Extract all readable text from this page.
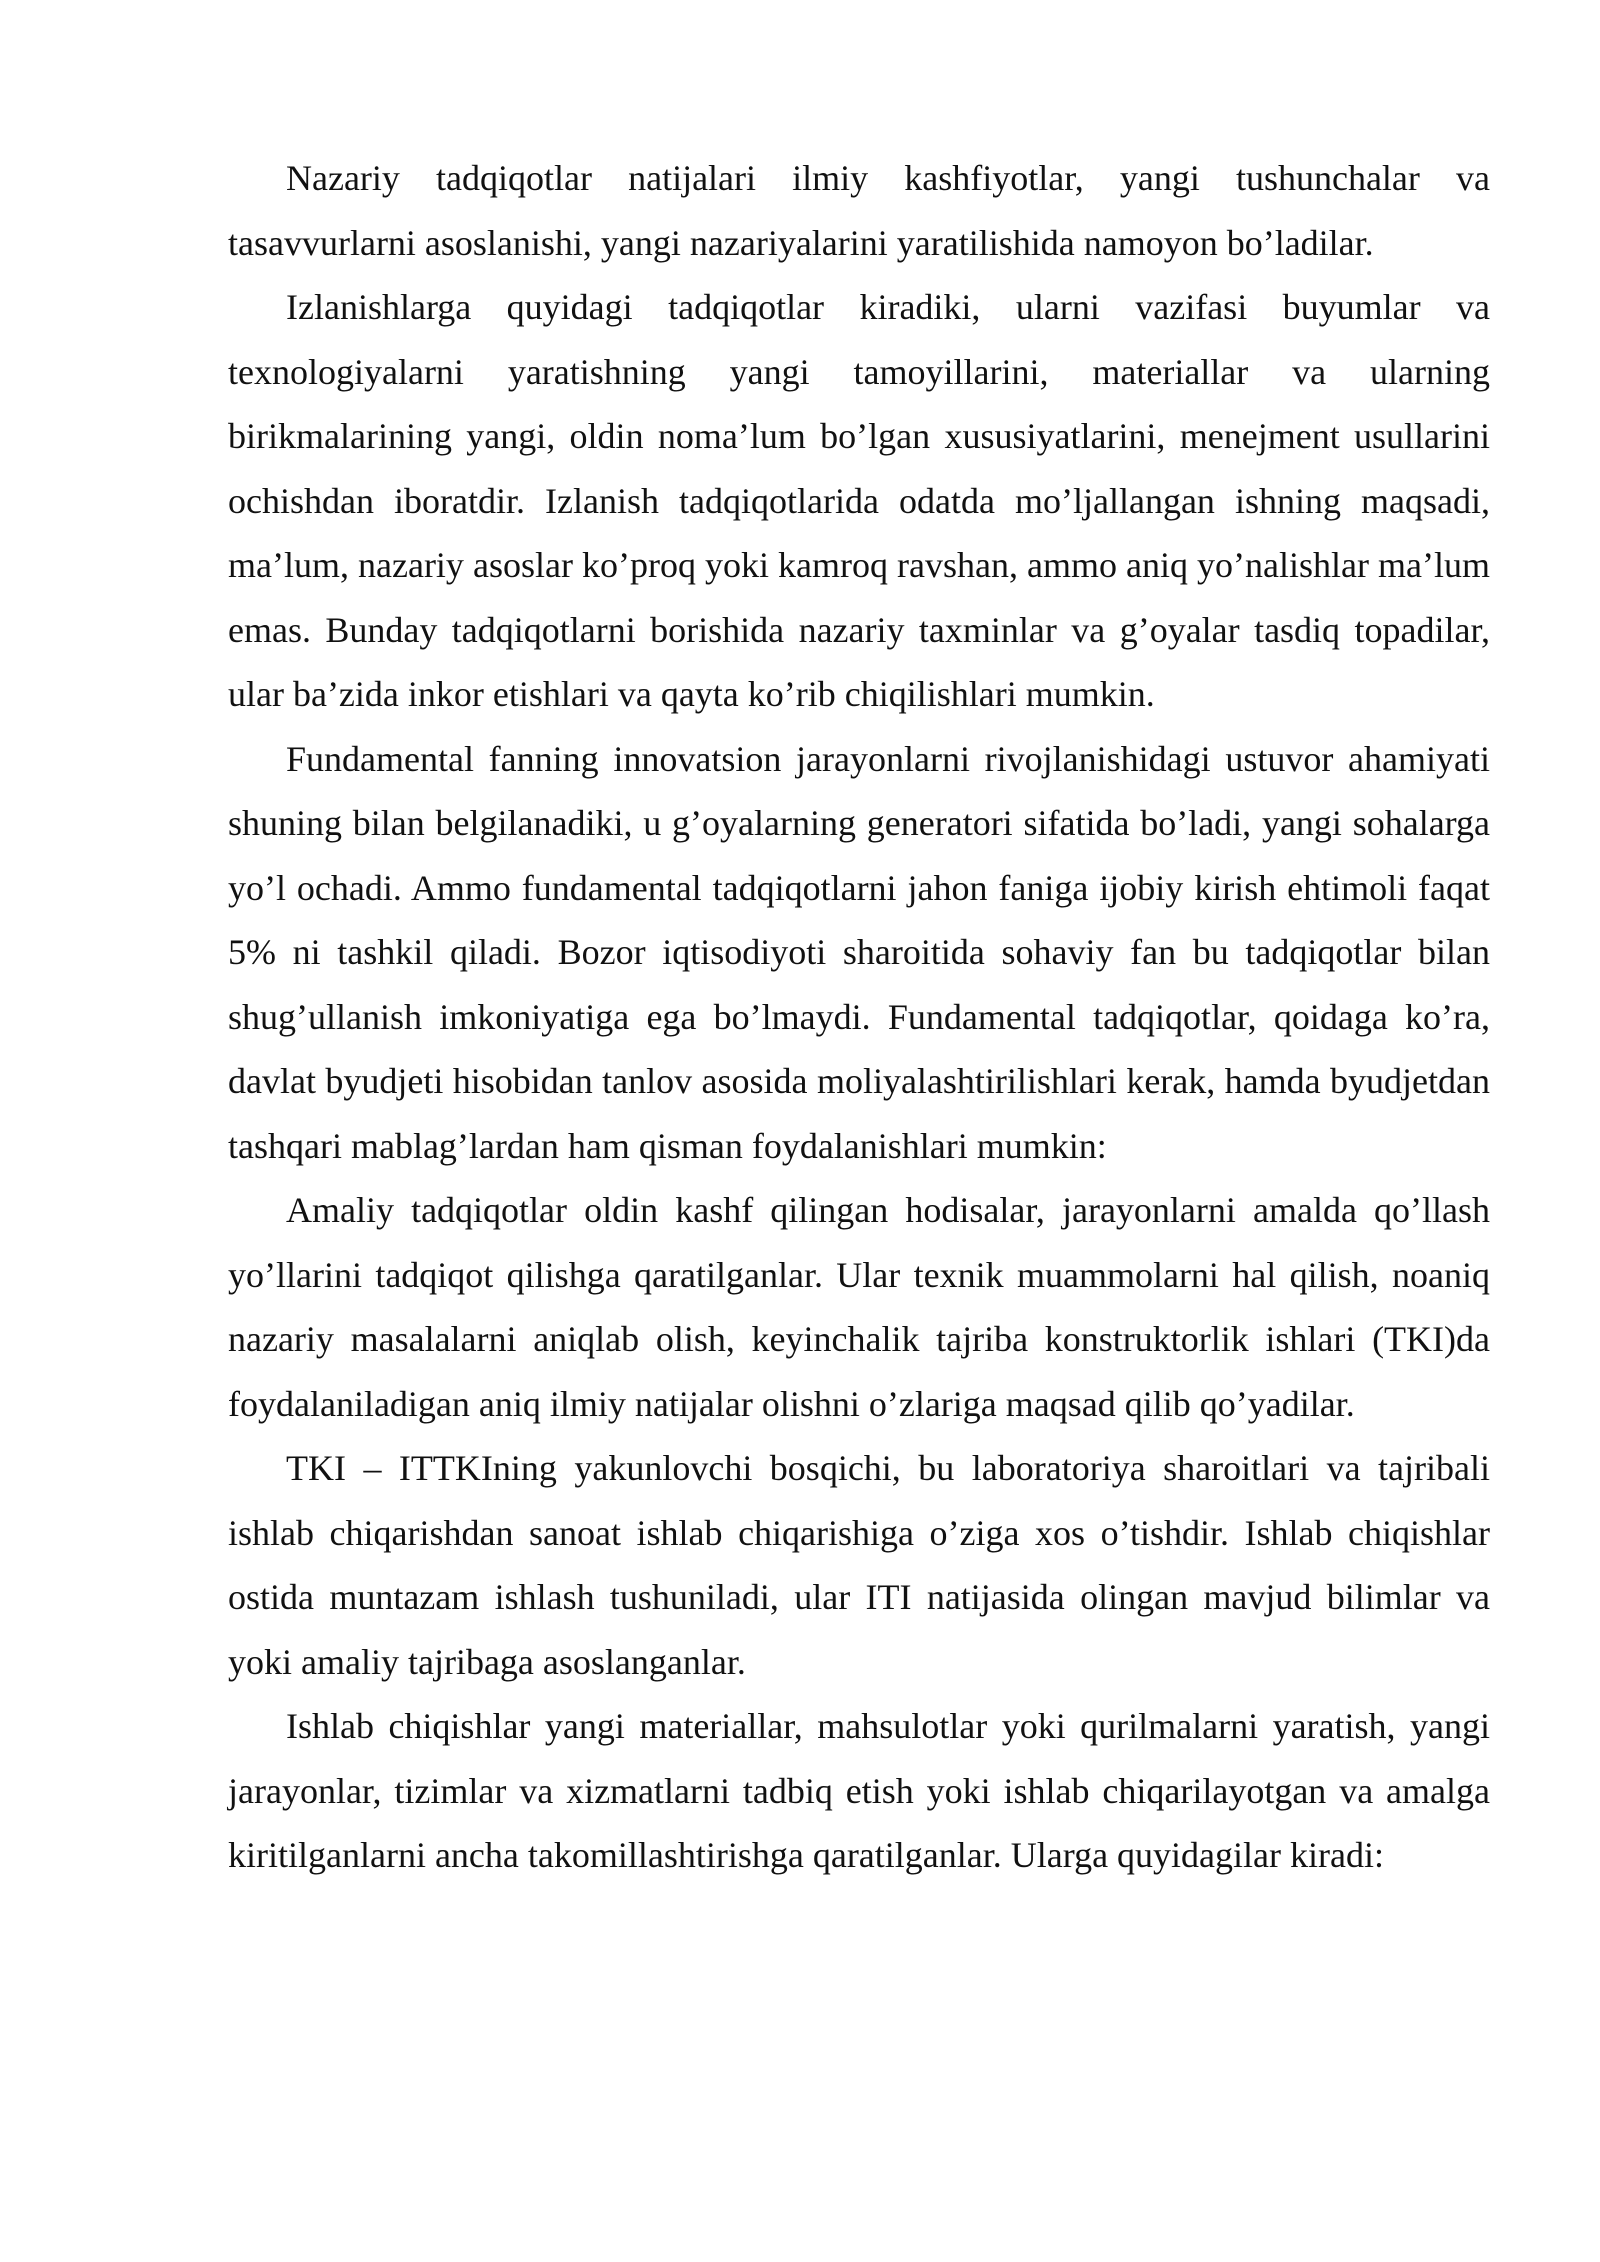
Nazariy tadqiqotlar natijalari ilmiy kashfiyotlar, yangi tushunchalar va tasavvurlarni asoslanishi, yangi nazariyalarini yaratilishida namoyon bo’ladilar.

Izlanishlarga quyidagi tadqiqotlar kiradiki, ularni vazifasi buyumlar va texnologiyalarni yaratishning yangi tamoyillarini, materiallar va ularning birikmalarining yangi, oldin noma’lum bo’lgan xususiyatlarini, menejment usullarini ochishdan iboratdir. Izlanish tadqiqotlarida odatda mo’ljallangan ishning maqsadi, ma’lum, nazariy asoslar ko’proq yoki kamroq ravshan, ammo aniq yo’nalishlar ma’lum emas. Bunday tadqiqotlarni borishida nazariy taxminlar va g’oyalar tasdiq topadilar, ular ba’zida inkor etishlari va qayta ko’rib chiqilishlari mumkin.

Fundamental fanning innovatsion jarayonlarni rivojlanishidagi ustuvor ahamiyati shuning bilan belgilanadiki, u g’oyalarning generatori sifatida bo’ladi, yangi sohalarga yo’l ochadi. Ammo fundamental tadqiqotlarni jahon faniga ijobiy kirish ehtimoli faqat 5% ni tashkil qiladi. Bozor iqtisodiyoti sharoitida sohaviy fan bu tadqiqotlar bilan shug’ullanish imkoniyatiga ega bo’lmaydi. Fundamental tadqiqotlar, qoidaga ko’ra, davlat byudjeti hisobidan tanlov asosida moliyalashtirilishlari kerak, hamda byudjetdan tashqari mablag’lardan ham qisman foydalanishlari mumkin:

Amaliy tadqiqotlar oldin kashf qilingan hodisalar, jarayonlarni amalda qo’llash yo’llarini tadqiqot qilishga qaratilganlar. Ular texnik muammolarni hal qilish, noaniq nazariy masalalarni aniqlab olish, keyinchalik tajriba konstruktorlik ishlari (TKI)da foydalaniladigan aniq ilmiy natijalar olishni o’zlariga maqsad qilib qo’yadilar.

TKI – ITTKIning yakunlovchi bosqichi, bu laboratoriya sharoitlari va tajribali ishlab chiqarishdan sanoat ishlab chiqarishiga o’ziga xos o’tishdir. Ishlab chiqishlar ostida muntazam ishlash tushuniladi, ular ITI natijasida olingan mavjud bilimlar va yoki amaliy tajribaga asoslanganlar.

Ishlab chiqishlar yangi materiallar, mahsulotlar yoki qurilmalarni yaratish, yangi jarayonlar, tizimlar va xizmatlarni tadbiq etish yoki ishlab chiqarilayotgan va amalga kiritilganlarni ancha takomillashtirishga qaratilganlar. Ularga quyidagilar kiradi:
